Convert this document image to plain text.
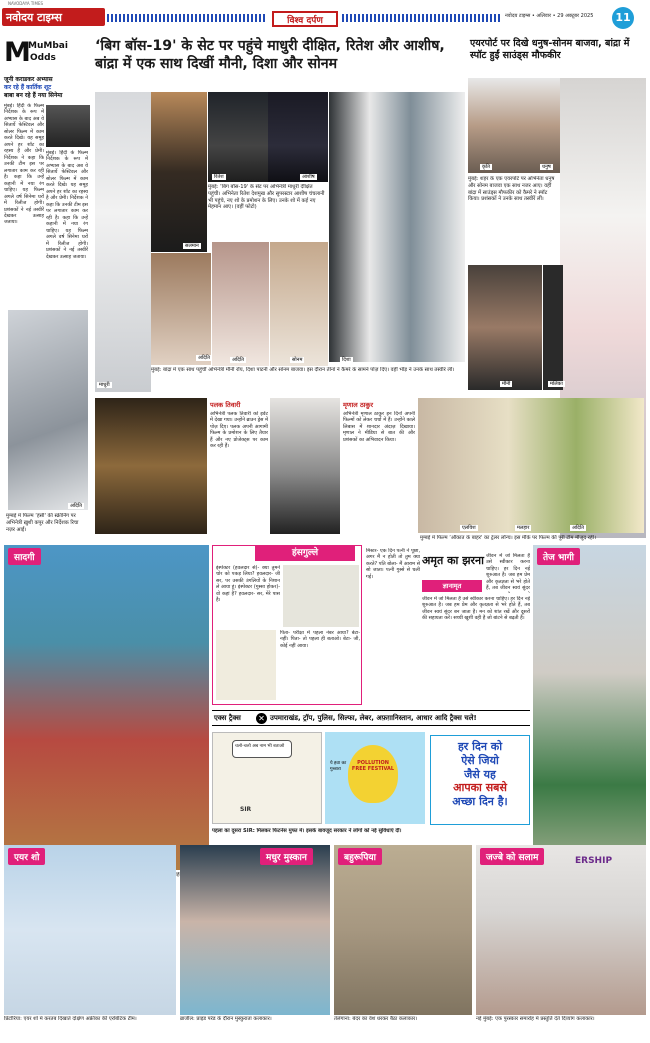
नवोदय टाइम्स
NAVODAYA TIMES
विश्व दर्पण	नवोदय टाइम्स • अलिवार • 29 अक्टूबर 2025	11
M
MuMbai
Odds
जूनी कराडकर अभ्यास
कर रहे हैं कार्तिक शूट
बाबा बन रहे हैं नया सिनेमा
मुंबई। हिंदी के फिल्म निर्देशक के रूप में अभ्यास के बाद अब ये सितार्ये फेस्टिवल और सोलर फिल्म में काम करते दिखे। यह समूह अपने हर शॉट का रहस्य है और प्रेमी। निर्देशक ने कहा कि उनकी टीम इस पर लगातार काम कर रही है। कहा कि उन्हें कहानी में नया रंग चाहिए। यह फिल्म अगले वर्ष सिनेमा घरों में रिलीज होगी। प्रशंसकों ने नई तस्वीरें देखकर उत्साह जताया।
मुंबई। हिंदी के फिल्म निर्देशक के रूप में अभ्यास के बाद अब ये सितार्ये फेस्टिवल और सोलर फिल्म में काम करते दिखे। यह समूह अपने हर शॉट का रहस्य है और प्रेमी। निर्देशक ने कहा कि उनकी टीम इस पर लगातार काम कर रही है। कहा कि उन्हें कहानी में नया रंग चाहिए। यह फिल्म अगले वर्ष सिनेमा घरों में रिलीज होगी। प्रशंसकों ने नई तस्वीरें देखकर उत्साह जताया।
अदिति
मुम्बई में फिल्म ‘हंसी' की स्क्रीनिंग पर अभिनेत्री ख़ुशी कपूर और निर्देशक रिचा नज़र आईं।
‘बिग बॉस-19' के सेट पर पहुंचे माधुरी दीक्षित, रितेश और आशीष, बांद्रा में एक साथ दिखीं मौनी, दिशा और सोनम
सलमान
रितेश	आशीष
मुंबई: ‘बिग बॉस-19' के सेट पर अभिनेत्री माधुरी दीक्षित पहुंची। अभिनेता रितेश देशमुख और सुपरस्टार आशीष चंचलानी भी पहुंचे, नए शो के प्रमोशन के लिए। उनके शो में कई नए मेहमान आए। (वहीं फोटो)
अदिति	अदिति	सोनम	दिशा
माधुरी
मुंबई: बांद्रा में एक साथ पहुंचीं अभिनेत्री मौनी रॉय, दिशा पाटनी और सोनम बाजवा। इस दौरान तीनों ने कैमरे के सामने पोज़ दिए। वहीं भीड़ ने उनके साथ तस्वीरें लीं।
एयरपोर्ट पर दिखे धनुष-सोनम बाजवा, बांद्रा में स्पॉट हुईं साउंड्स मौफकीर
कृति	धनुष
मुंबई: शहर के एक एयरपोर्ट पर अभिनेता धनुष और सोनम बाजवा एक साथ नजर आए। वहीं बांद्रा में साउंड्स मौफकीर को कैमरे ने स्पॉट किया। प्रशंसकों ने उनके साथ तस्वीरें लीं।
मौनी	मलिका
पलक तिवारी
अभिनेत्री पलक तिवारी को इवेंट में देखा गया। उन्होंने ब्राउन ड्रेस में पोज़ दिए। पलक अपनी आगामी फिल्म के प्रमोशन के लिए तैयार हैं और नए प्रोजेक्ट्स पर काम कर रही हैं।
मृणाल ठाकुर
अभिनेत्री मृणाल ठाकुर इन दिनों अपनी फिल्मों को लेकर चर्चा में हैं। उन्होंने काले लिबास में शानदार अंदाज़ दिखाया। मृणाल ने मीडिया से बात की और प्रशंसकों का अभिवादन किया।
एलविश	मलहार	अदिति
मुम्बई में फिल्म ‘औकात के बाहर' का ट्रेलर लॉन्च। इस मौके पर फिल्म की पूरी टीम मौजूद रही।
सादगी	हंसगुल्ले
इंस्पेक्टर (हवलदार से)- क्या तुमने चोर को पकड़ लिया? हवलदार- जी सर, पर उसकी उंगलियों के निशान ले आया हूं। इंस्पेक्टर (गुस्सा होकर)- वो कहां है? हवलदार- सर, मेरे पास है।
पिता- परीक्षा में पहला नंबर आया? बेटा- नहीं। पिता- तो पहला ही बताओ। बेटा- जी, कोई नहीं आया।
मिस्टर- एक दिन पत्नी ने पूछा, अगर मैं न होती तो तुम क्या करते? पति बोला- मैं आराम से सो जाता। पत्नी गुस्से से चली गई।
अमृत का झरना
ज्ञानामृत
जीवन में जो मिलता है उसे स्वीकार करना चाहिए। हर दिन नई शुरुआत है। जब हम प्रेम और कृतज्ञता से भरे होते हैं, तब जीवन स्वयं सुंदर बन जाता है। मन को शांत रखें और दूसरों की सहायता करें। सच्ची खुशी वही है जो बांटने से बढ़ती है।
जीवन में जो मिलता है उसे स्वीकार करना चाहिए। हर दिन नई शुरुआत है। जब हम प्रेम और कृतज्ञता से भरे होते हैं, तब जीवन स्वयं सुंदर
तेज भागी
एक्स ट्रैक्स ✕ उपमाराखंड, ट्रॉप, पुलिस, सिल्फा, लेबर, अफ़ग़ानिस्तान, आधार आदि ट्रैक्स चले!
चलो-चलो अब नाम भी बताओ
SIR
POLLUTION FREE FESTIVAL
ये हवा का गुब्बारा
हर दिन को
ऐसे जियो
जैसे यह
आपका सबसे
अच्छा दिन है।
पहला का दूसरा SIR: मिलकर फिटनेस मुफ्त में। इसके बावजूद सरकार ने लोगों को नई सुविधाएं दीं।
एयर शो
प्रिटोरिया: एयर शो में करतब दिखाते दक्षिण अफ्रीका की एरोबेटिक टीम।
मधुर मुस्कान
ब्राजील: प्राइड परेड के दौरान मुस्कुराता कलाकार।
बहुरूपिया
तेलंगाना: बंदर का वेश धरकर बैठा कलाकार।
जज्बे को सलाम	ERSHIP
नई मुंबई: एक पुरस्कार समारोह में प्रस्तुति देते दिव्यांग कलाकार।
